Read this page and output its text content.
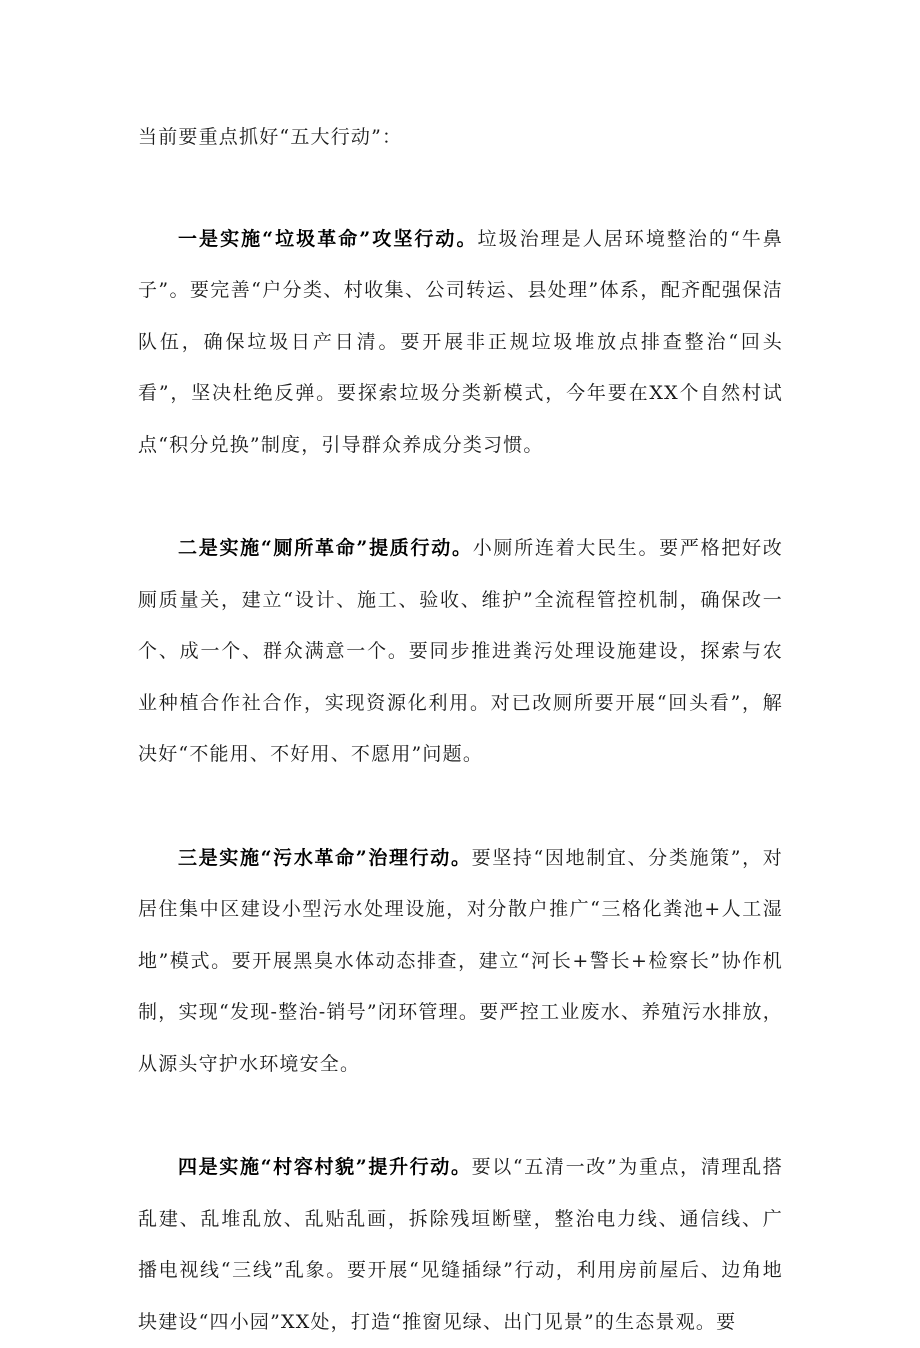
当前要重点抓好“五大行动”：

一是实施“垃圾革命”攻坚行动。垃圾治理是人居环境整治的“牛鼻子”。要完善“户分类、村收集、公司转运、县处理”体系，配齐配强保洁队伍，确保垃圾日产日清。要开展非正规垃圾堆放点排查整治“回头看”，坚决杜绝反弹。要探索垃圾分类新模式，今年要在XX个自然村试点“积分兑换”制度，引导群众养成分类习惯。

二是实施“厕所革命”提质行动。小厕所连着大民生。要严格把好改厕质量关，建立“设计、施工、验收、维护”全流程管控机制，确保改一个、成一个、群众满意一个。要同步推进粪污处理设施建设，探索与农业种植合作社合作，实现资源化利用。对已改厕所要开展“回头看”，解决好“不能用、不好用、不愿用”问题。

三是实施“污水革命”治理行动。要坚持“因地制宜、分类施策”，对居住集中区建设小型污水处理设施，对分散户推广“三格化粪池+人工湿地”模式。要开展黑臭水体动态排查，建立“河长+警长+检察长”协作机制，实现“发现-整治-销号”闭环管理。要严控工业废水、养殖污水排放，从源头守护水环境安全。

四是实施“村容村貌”提升行动。要以“五清一改”为重点，清理乱搭乱建、乱堆乱放、乱贴乱画，拆除残垣断壁，整治电力线、通信线、广播电视线“三线”乱象。要开展“见缝插绿”行动，利用房前屋后、边角地块建设“四小园”XX处，打造“推窗见绿、出门见景”的生态景观。要
